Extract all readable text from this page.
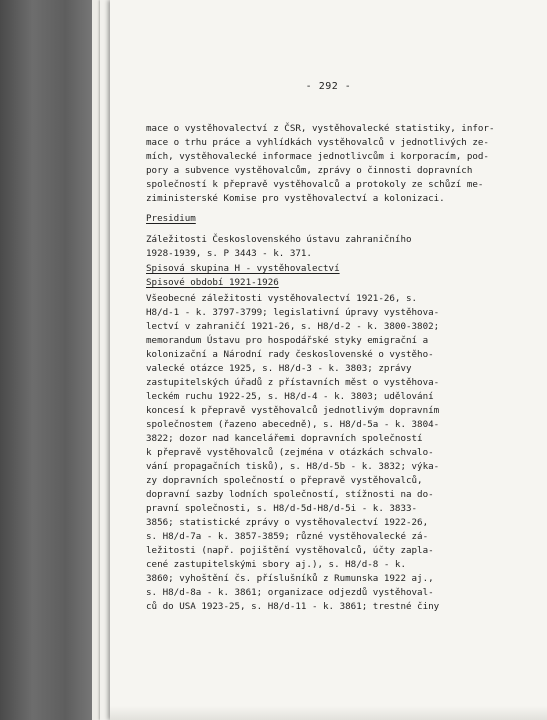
- 292 -
mace o vystěhovalectví z ČSR, vystěhovalecké statistiky, infor-
mace o trhu práce a vyhlídkách vystěhovalců v jednotlivých ze-
mích, vystěhovalecké informace jednotlivcům i korporacím, pod-
pory a subvence vystěhovalcům, zprávy o činnosti dopravních
společností k přepravě vystěhovalců a protokoly ze schůzí me-
ziministerské Komise pro vystěhovalectví a kolonizaci.
Presidium
Záležitosti Československého ústavu zahraničního
1928-1939, s. P 3443 - k. 371.
Spisová skupina H - vystěhovalectví
Spisové období 1921-1926
Všeobecné záležitosti vystěhovalectví 1921-26, s.
H8/d-1 - k. 3797-3799; legislativní úpravy vystěhova-
lectví v zahraničí 1921-26, s. H8/d-2 - k. 3800-3802;
memorandum Ústavu pro hospodářské styky emigrační a
kolonizační a Národní rady československé o vystěho-
valecké otázce 1925, s. H8/d-3 - k. 3803; zprávy
zastupitelských úřadů z přístavních měst o vystěhova-
leckém ruchu 1922-25, s. H8/d-4 - k. 3803; udělování
koncesí k přepravě vystěhovalců jednotlivým dopravním
společnostem (řazeno abecedně), s. H8/d-5a - k. 3804-
3822; dozor nad kancelářemi dopravních společností
k přepravě vystěhovalců (zejména v otázkách schvalo-
vání propagačních tisků), s. H8/d-5b - k. 3832; výka-
zy dopravních společností o přepravě vystěhovalců,
dopravní sazby lodních společností, stížnosti na do-
pravní společnosti, s. H8/d-5d-H8/d-5i - k. 3833-
3856; statistické zprávy o vystěhovalectví 1922-26,
s. H8/d-7a - k. 3857-3859; různé vystěhovalecké zá-
ležitosti (např. pojištění vystěhovalců, účty zapla-
cené zastupitelskými sbory aj.), s. H8/d-8 - k.
3860; vyhoštění čs. příslušníků z Rumunska 1922 aj.,
s. H8/d-8a - k. 3861; organizace odjezdů vystěhoval-
ců do USA 1923-25, s. H8/d-11 - k. 3861; trestné činy
